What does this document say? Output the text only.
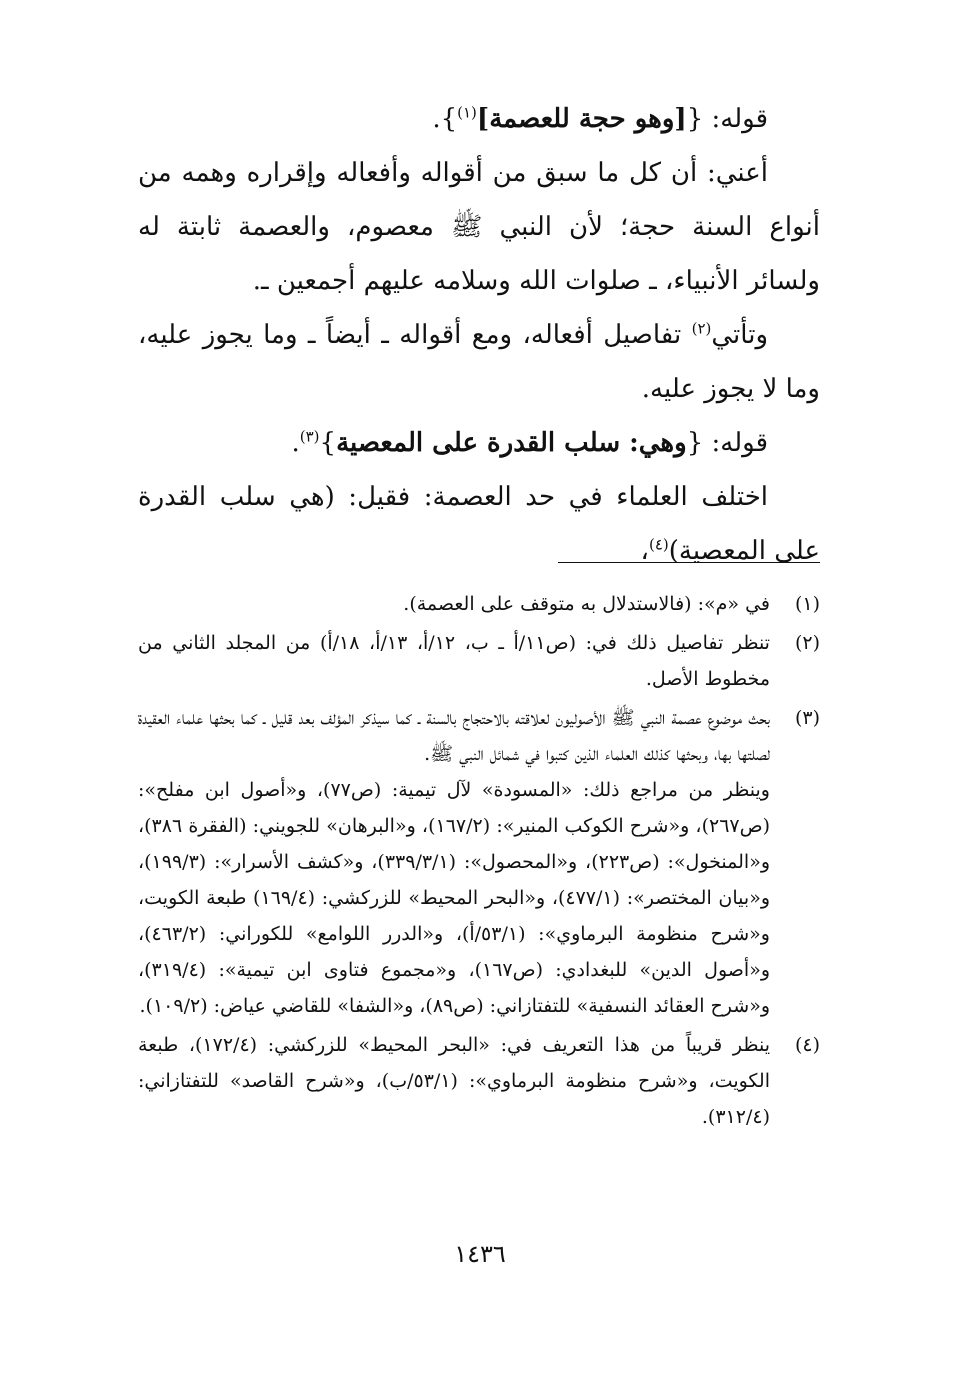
قوله: {[وهو حجة للعصمة]$^{(١)}$}.

أعني: أن كل ما سبق من أقواله وأفعاله وإقراره وهمه من أنواع السنة حجة؛ لأن النبي ﷺ معصوم، والعصمة ثابتة له ولسائر الأنبياء، ـ صلوات الله وسلامه عليهم أجمعين ـ.

وتأتي$^{(٢)}$ تفاصيل أفعاله، ومع أقواله ـ أيضاً ـ وما يجوز عليه، وما لا يجوز عليه.

قوله: {وهي: سلب القدرة على المعصية}$^{(٣)}$.

اختلف العلماء في حد العصمة: فقيل: (هي سلب القدرة على المعصية)$^{(٤)}$،

(١)

في «م»: (فالاستدلال به متوقف على العصمة).

(٢)

تنظر تفاصيل ذلك في: (ص١١/أ ـ ب، ١٢/أ، ١٣/أ، ١٨/أ) من المجلد الثاني من مخطوط الأصل.

(٣)

بحث موضوع عصمة النبي ﷺ الأصوليون لعلاقته بالاحتجاج بالسنة ـ كما سيذكر المؤلف بعد قليل ـ كما بحثها علماء العقيدة لصلتها بها، وبحثها كذلك العلماء الذين كتبوا في شمائل النبي ﷺ.

وينظر من مراجع ذلك: «المسودة» لآل تيمية: (ص٧٧)، و«أصول ابن مفلح»: (ص٢٦٧)، و«شرح الكوكب المنير»: (١٦٧/٢)، و«البرهان» للجويني: (الفقرة ٣٨٦)، و«المنخول»: (ص٢٢٣)، و«المحصول»: (٣٣٩/٣/١)، و«كشف الأسرار»: (١٩٩/٣)، و«بيان المختصر»: (٤٧٧/١)، و«البحر المحيط» للزركشي: (١٦٩/٤) طبعة الكويت، و«شرح منظومة البرماوي»: (٥٣/١/أ)، و«الدرر اللوامع» للكوراني: (٤٦٣/٢)، و«أصول الدين» للبغدادي: (ص١٦٧)، و«مجموع فتاوى ابن تيمية»: (٣١٩/٤)، و«شرح العقائد النسفية» للتفتازاني: (ص٨٩)، و«الشفا» للقاضي عياض: (١٠٩/٢).

(٤)

ينظر قريباً من هذا التعريف في: «البحر المحيط» للزركشي: (١٧٢/٤)، طبعة الكويت، و«شرح منظومة البرماوي»: (٥٣/١/ب)، و«شرح القاصد» للتفتازاني: (٣١٢/٤).

١٤٣٦
